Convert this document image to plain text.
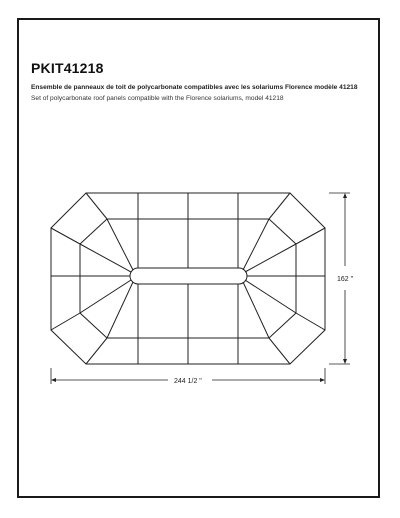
PKIT41218
Ensemble de panneaux de toit de polycarbonate compatibles avec les solariums Florence modèle 41218
Set of polycarbonate roof panels compatible with the Florence solariums, model 41218
162 "
244 1/2 "
